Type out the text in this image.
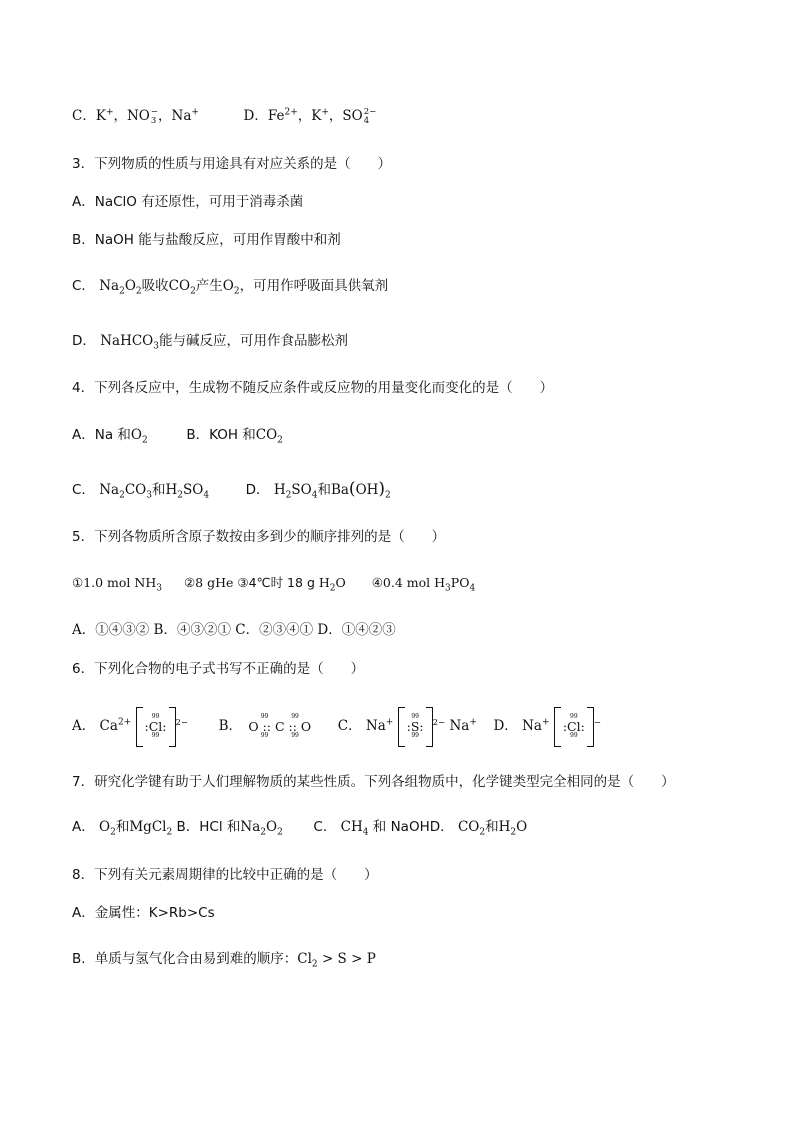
C．K+，NO −
3 ，Na+	D．$Fe^{2+}$，K+，SO 2−
4
3．下列物质的性质与用途具有对应关系的是（　　）
A．NaClO 有还原性，可用于消毒杀菌
B．NaOH 能与盐酸反应，可用作胃酸中和剂
C． $Na_2O_2$吸收$CO_2$产生$O_2$，可用作呼吸面具供氧剂
D． NaHCO$_3$能与碱反应，可用作食品膨松剂
4．下列各反应中，生成物不随反应条件或反应物的用量变化而变化的是（　　）
A．Na 和$O_2$	B．KOH 和$CO_2$
C． $Na_2CO_3$和$H_2SO_4$	D． $H_2SO_4$和$Ba(OH)_2$
5．下列各物质所含原子数按由多到少的顺序排列的是（　　）
①1.0 mol $NH_3$ ②8 gHe ③4℃时 18 g $H_2O$ ④0.4 mol $H_3PO_4$
A．①④③② B．④③②① C．②③④① D．①④②③
6．下列化合物的电子式书写不正确的是（　　）
A． $Ca^{2+}$
99
:Cl:
99
2− B．
99            99
O :: C :: O
99            99
C． Na+
99
:S:
99
2− Na+ D． Na+
99
:Cl:
99
−
7．研究化学键有助于人们理解物质的某些性质。下列各组物质中，化学键类型完全相同的是（　　）
A． $O_2$和MgCl$_2$ B．HCl 和$Na_2O_2$ C． $CH_4$ 和 NaOHD． $CO_2$和$H_2O$
8．下列有关元素周期律的比较中正确的是（　　）
A．金属性：K>Rb>Cs
B．单质与氢气化合由易到难的顺序：$Cl_2 > S > P$
